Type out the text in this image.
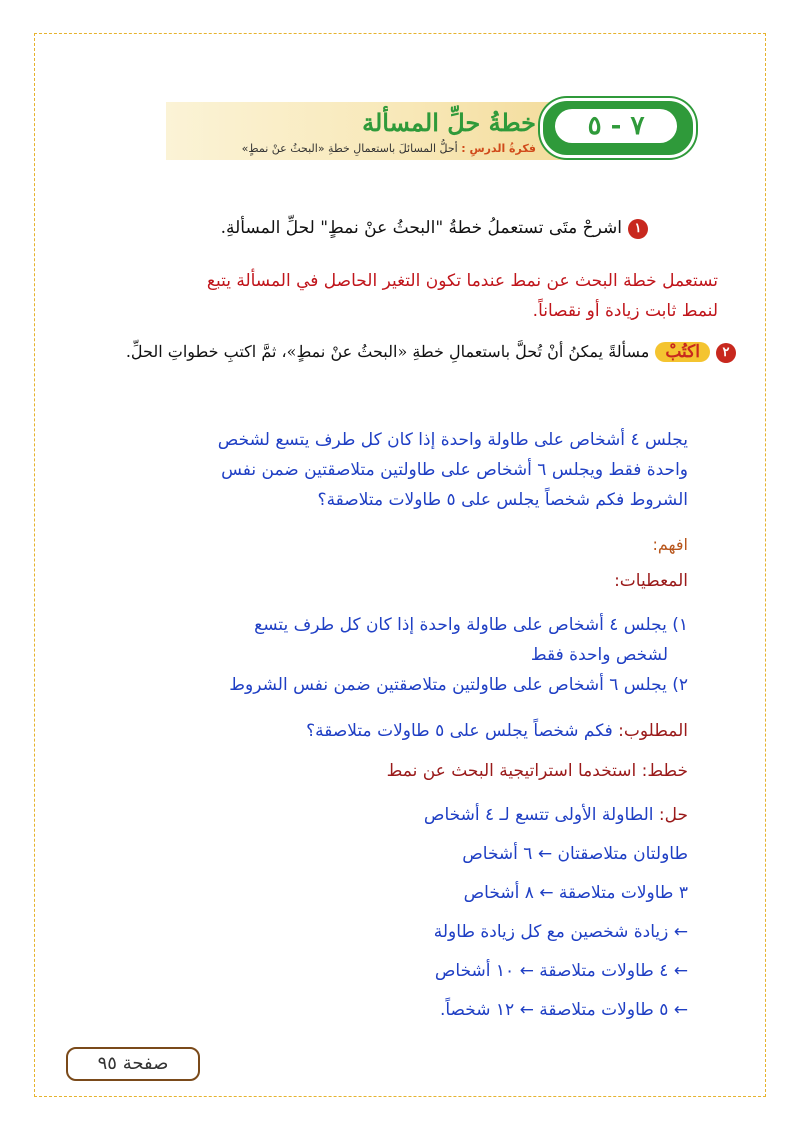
٧ - ٥
خطةُ حلِّ المسألة
فكرةُ الدرسِ : أحلُّ المسائلَ باستعمالِ خطةِ «البحثُ عنْ نمطٍ»
١اشرحْ متَى تستعملُ خطةُ "البحثُ عنْ نمطٍ" لحلِّ المسألةِ.
تستعمل خطة البحث عن نمط عندما تكون التغير الحاصل في المسألة يتبع
لنمط ثابت زيادة أو نقصاناً.
٢اكتُبْمسألةً يمكنُ أنْ تُحلَّ باستعمالِ خطةِ «البحثُ عنْ نمطٍ»، ثمَّ اكتبِ خطواتِ الحلِّ.
يجلس ٤ أشخاص على طاولة واحدة إذا كان كل طرف يتسع لشخص
واحدة فقط ويجلس ٦ أشخاص على طاولتين متلاصقتين ضمن نفس
الشروط فكم شخصاً يجلس على ٥ طاولات متلاصقة؟
افهم:
المعطيات:
١) يجلس ٤ أشخاص على طاولة واحدة إذا كان كل طرف يتسع
لشخص واحدة فقط
٢) يجلس ٦ أشخاص على طاولتين متلاصقتين ضمن نفس الشروط
المطلوب: فكم شخصاً يجلس على ٥ طاولات متلاصقة؟
خطط: استخدما استراتيجية البحث عن نمط
حل: الطاولة الأولى تتسع لـ ٤ أشخاص
طاولتان متلاصقتان ← ٦ أشخاص
٣ طاولات متلاصقة ← ٨ أشخاص
← زيادة شخصين مع كل زيادة طاولة
← ٤ طاولات متلاصقة ← ١٠ أشخاص
← ٥ طاولات متلاصقة ← ١٢ شخصاً.
صفحة ٩٥
